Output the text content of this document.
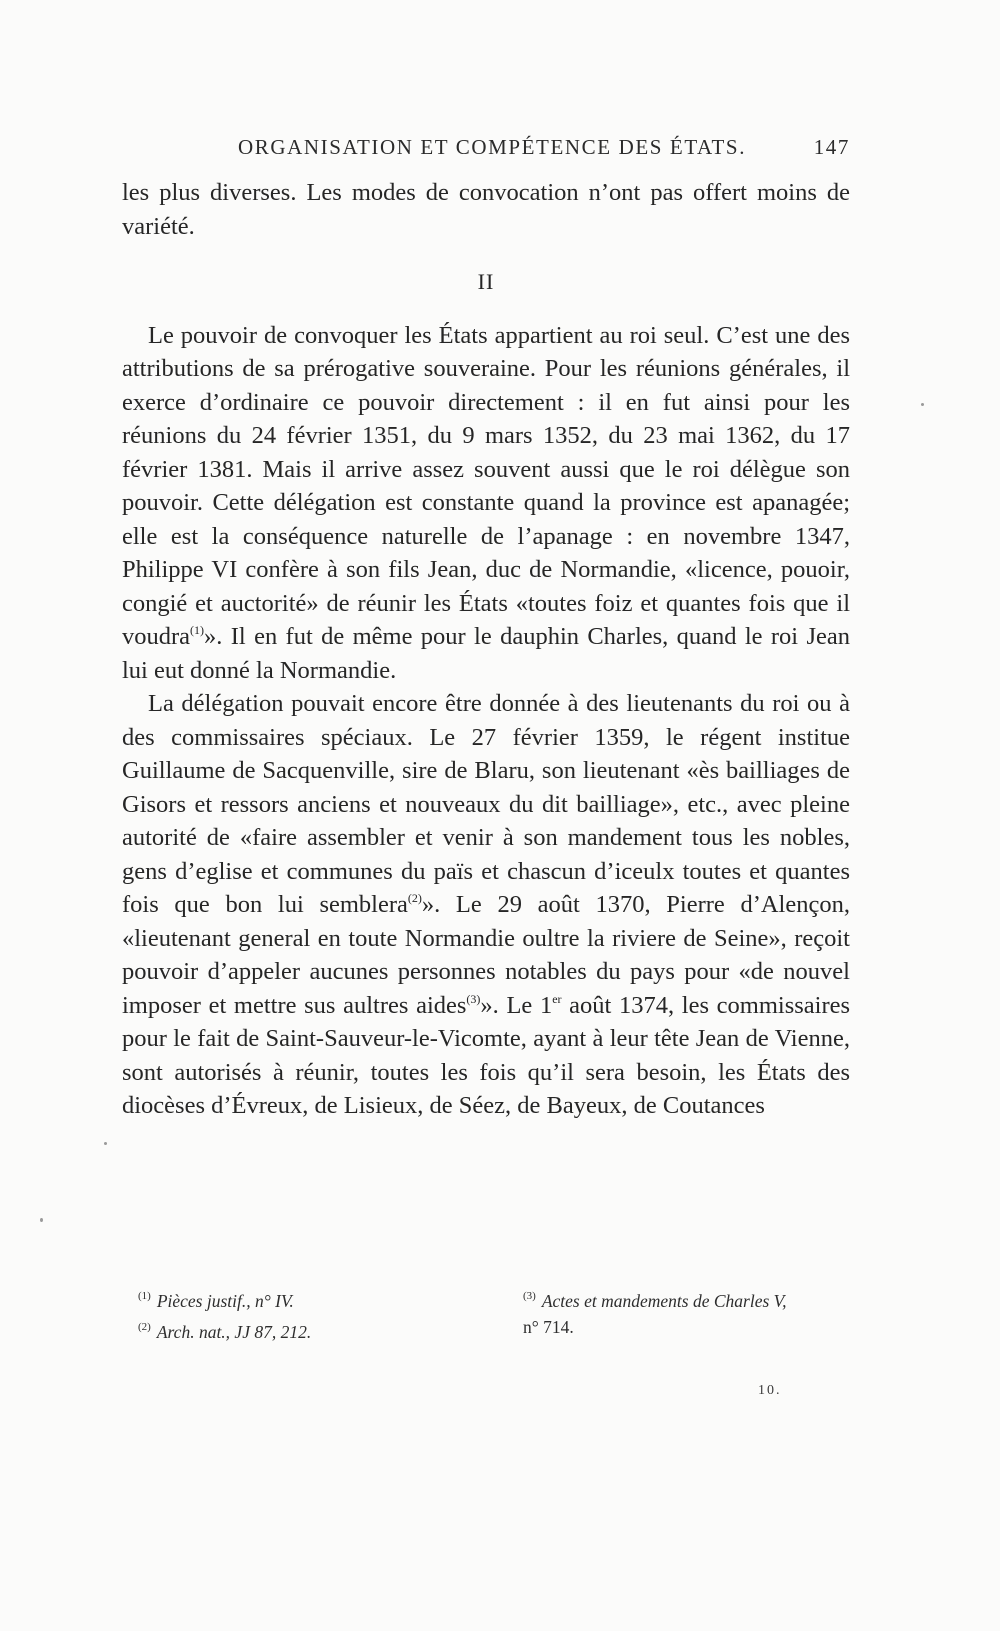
ORGANISATION ET COMPÉTENCE DES ÉTATS.	147

les plus diverses. Les modes de convocation n’ont pas offert moins de variété.

II

Le pouvoir de convoquer les États appartient au roi seul. C’est une des attributions de sa prérogative souveraine. Pour les réunions générales, il exerce d’ordinaire ce pouvoir directement : il en fut ainsi pour les réunions du 24 février 1351, du 9 mars 1352, du 23 mai 1362, du 17 février 1381. Mais il arrive assez souvent aussi que le roi délègue son pouvoir. Cette délégation est constante quand la province est apanagée; elle est la conséquence naturelle de l’apanage : en novembre 1347, Philippe VI confère à son fils Jean, duc de Normandie, «licence, pouoir, congié et auctorité» de réunir les États «toutes foiz et quantes fois que il voudra$^{(1)}$». Il en fut de même pour le dauphin Charles, quand le roi Jean lui eut donné la Normandie.

La délégation pouvait encore être donnée à des lieutenants du roi ou à des commissaires spéciaux. Le 27 février 1359, le régent institue Guillaume de Sacquenville, sire de Blaru, son lieutenant «ès bailliages de Gisors et ressors anciens et nouveaux du dit bailliage», etc., avec pleine autorité de «faire assembler et venir à son mandement tous les nobles, gens d’eglise et communes du païs et chascun d’iceulx toutes et quantes fois que bon lui semblera$^{(2)}$». Le 29 août 1370, Pierre d’Alençon, «lieutenant general en toute Normandie oultre la riviere de Seine», reçoit pouvoir d’appeler aucunes personnes notables du pays pour «de nouvel imposer et mettre sus aultres aides$^{(3)}$». Le 1er août 1374, les commissaires pour le fait de Saint-Sauveur-le-Vicomte, ayant à leur tête Jean de Vienne, sont autorisés à réunir, toutes les fois qu’il sera besoin, les États des diocèses d’Évreux, de Lisieux, de Séez, de Bayeux, de Coutances

$^{(1)}$ Pièces justif., n° IV.
$^{(2)}$ Arch. nat., JJ 87, 212.
$^{(3)}$ Actes et mandements de Charles V,
n° 714.
10.
